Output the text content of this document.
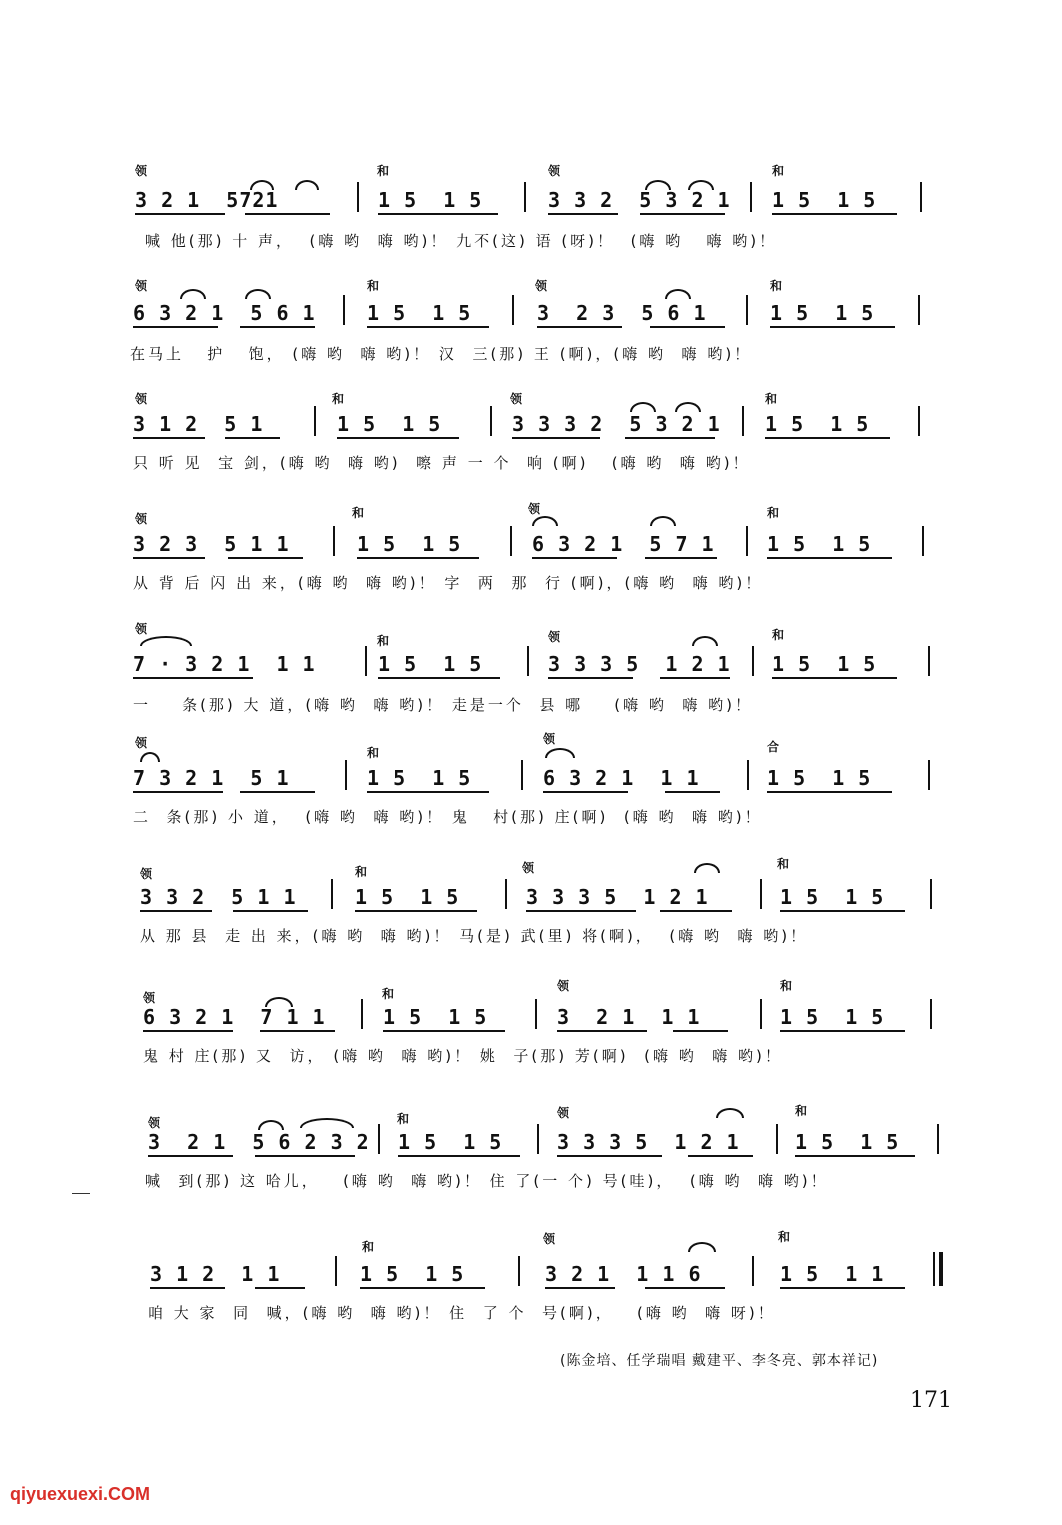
领	和	领	和
3 2 1  5721	1 5  1 5	3 3 2  5 3 2 1 1 5  1 5
喊 他(那) 十 声，  (嗨 哟  嗨 哟)！ 九不(这) 语 (呀)！  (嗨 哟   嗨 哟)！
领	和	领	和
6 3 2 1  5 6 1	1 5  1 5	3  2 3  5 6 1	1 5  1 5
在马上   护   饱， (嗨 哟  嗨 哟)！ 汉  三(那) 王 (啊)，(嗨 哟  嗨 哟)！
领	和	领	和
3 1 2  5 1	1 5  1 5	3 3 3 2  5 3 2 1 1 5  1 5
只 听 见  宝 剑，(嗨 哟  嗨 哟)  嚓 声 一 个  响 (啊)   (嗨 哟  嗨 哟)！
领	和	领	和
3 2 3  5 1 1	1 5  1 5	6 3 2 1  5 7 1	1 5  1 5
从 背 后 闪 出 来，(嗨 哟  嗨 哟)！ 字  两  那  行 (啊)，(嗨 哟  嗨 哟)！
领
和	领	和
7 · 3 2 1  1 1	1 5  1 5	3 3 3 5  1 2 1 1 5  1 5
一    条(那) 大 道，(嗨 哟  嗨 哟)！ 走是一个  县 哪    (嗨 哟  嗨 哟)！
领
和
领
合
7 3 2 1  5 1	1 5  1 5	6 3 2 1  1 1	1 5  1 5
二  条(那) 小 道，  (嗨 哟  嗨 哟)！ 鬼   村(那) 庄(啊)  (嗨 哟  嗨 哟)！
领	和	领	和
3 3 2  5 1 1	1 5  1 5	3 3 3 5  1 2 1	1 5  1 5
从 那 县  走 出 来，(嗨 哟  嗨 哟)！ 马(是) 武(里) 将(啊)，  (嗨 哟  嗨 哟)！
领	和
领	和
6 3 2 1  7 1 1	1 5  1 5	3  2 1  1 1	1 5  1 5
鬼 村 庄(那) 又  访， (嗨 哟  嗨 哟)！ 姚  子(那) 芳(啊)  (嗨 哟  嗨 哟)！
领	和	领	和
3  2 1  5 6 2 3 2 1 5  1 5	3 3 3 5  1 2 1	1 5  1 5
喊  到(那) 这 哈儿，   (嗨 哟  嗨 哟)！ 住 了(一 个) 号(哇)，  (嗨 哟  嗨 哟)！
和
领	和
3 1 2  1 1	1 5  1 5	3 2 1  1 1 6	1 5  1 1
咱 大 家  同  喊，(嗨 哟  嗨 哟)！ 住  了 个  号(啊)，   (嗨 哟  嗨 呀)！
(陈金培、任学瑞唱 戴建平、李冬亮、郭本祥记)
171
qiyuexuexi.COM
